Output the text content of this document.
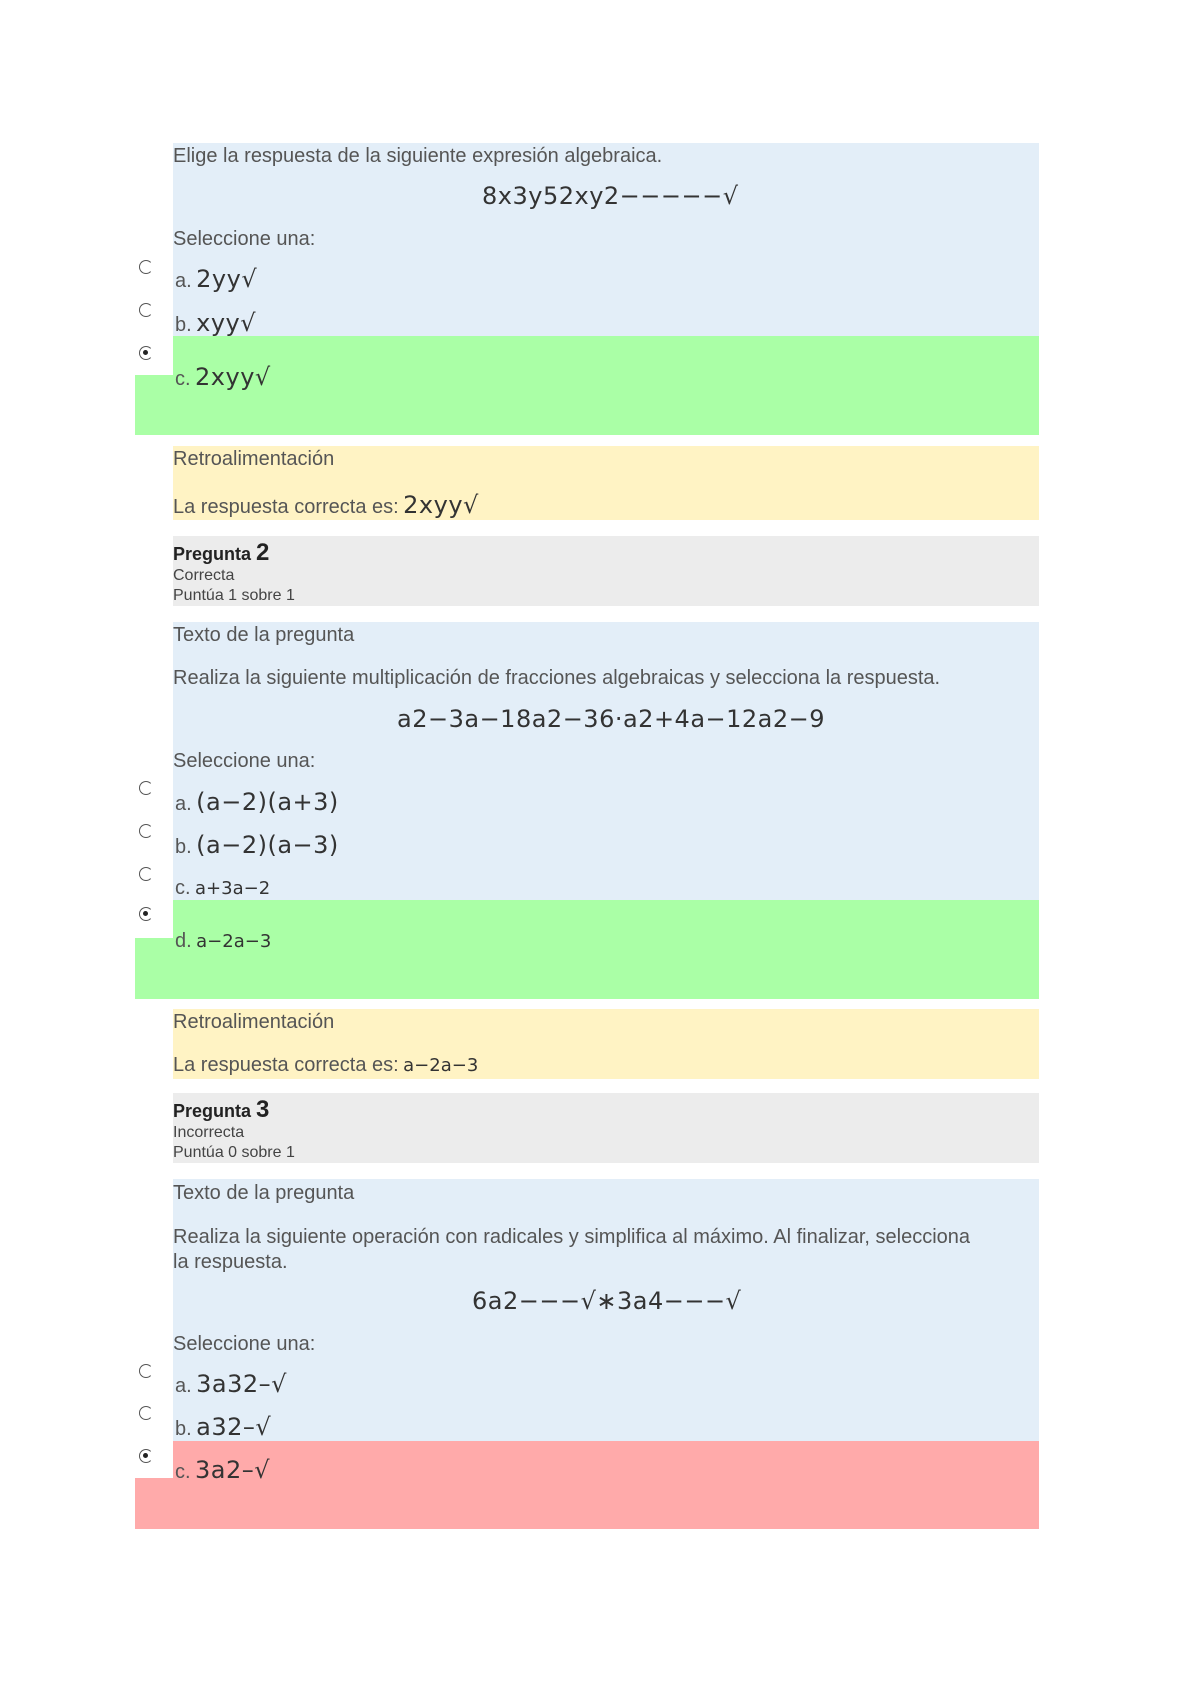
Elige la respuesta de la siguiente expresión algebraica.
8x3y52xy2−−−−−√
Seleccione una:
a. 2yy√
b. xyy√
c. 2xyy√
Retroalimentación
La respuesta correcta es: 2xyy√
Pregunta 2
Correcta
Puntúa 1 sobre 1
Texto de la pregunta
Realiza la siguiente multiplicación de fracciones algebraicas y selecciona la respuesta.
a2−3a−18a2−36·a2+4a−12a2−9
Seleccione una:
a. (a−2)(a+3)
b. (a−2)(a−3)
c. a+3a−2
d. a−2a−3
Retroalimentación
La respuesta correcta es: a−2a−3
Pregunta 3
Incorrecta
Puntúa 0 sobre 1
Texto de la pregunta
Realiza la siguiente operación con radicales y simplifica al máximo. Al finalizar, selecciona
la respuesta.
6a2−−−√∗3a4−−−√
Seleccione una:
a. 3a32–√
b. a32–√
c. 3a2–√
